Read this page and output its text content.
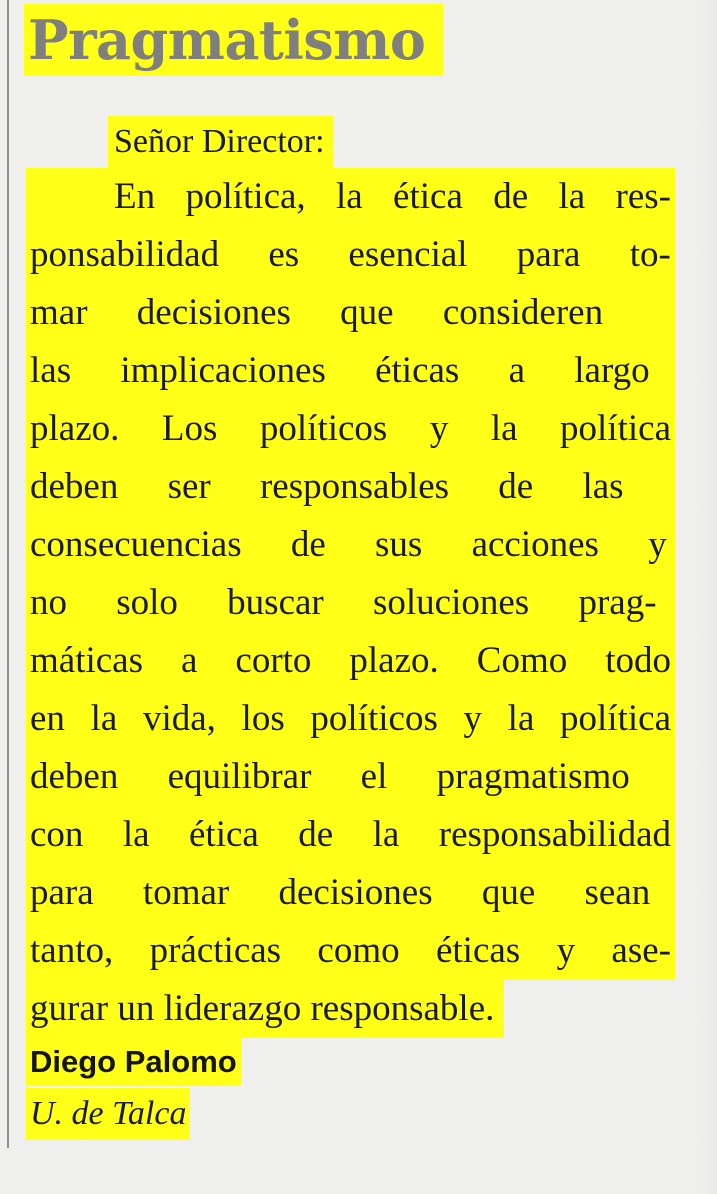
Pragmatismo
Señor Director:
En política, la ética de la res-
ponsabilidad es esencial para to-
mar decisiones que consideren
las implicaciones éticas a largo
plazo. Los políticos y la política
deben ser responsables de las
consecuencias de sus acciones y
no solo buscar soluciones prag-
máticas a corto plazo. Como todo
en la vida, los políticos y la política
deben equilibrar el pragmatismo
con la ética de la responsabilidad
para tomar decisiones que sean
tanto, prácticas como éticas y ase-
gurar un liderazgo responsable.
Diego Palomo
U. de Talca
